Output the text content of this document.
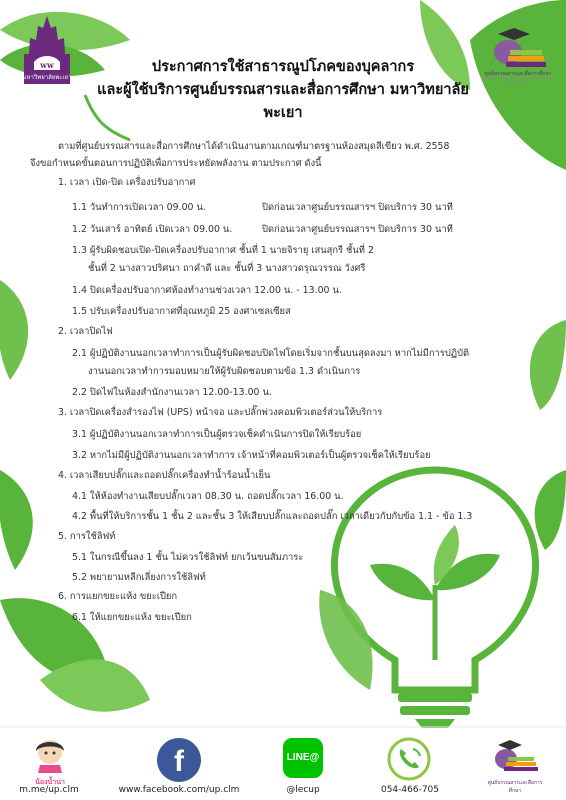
ww
มหาวิทยาลัยพะเยา	ศูนย์บรรณสารและสื่อการศึกษา
LIBRARY RESOURCES AND EDUCATIONAL MEDIA CENTER
ประกาศการใช้สาธารณูปโภคของบุคลากร
และผู้ใช้บริการศูนย์บรรณสารและสื่อการศึกษา มหาวิทยาลัยพะเยา

ตามที่ศูนย์บรรณสารและสื่อการศึกษาได้ดำเนินงานตามเกณฑ์มาตรฐานห้องสมุดสีเขียว พ.ศ. 2558

จึงขอกำหนดขั้นตอนการปฏิบัติเพื่อการประหยัดพลังงาน ตามประกาศ ดังนี้

1. เวลา เปิด-ปิด เครื่องปรับอากาศ
1.1 วันทำการเปิดเวลา 09.00 น.	ปิดก่อนเวลาศูนย์บรรณสารฯ ปิดบริการ 30 นาที
1.2 วันเสาร์ อาทิตย์ เปิดเวลา 09.00 น.	ปิดก่อนเวลาศูนย์บรรณสารฯ ปิดบริการ 30 นาที
1.3 ผู้รับผิดชอบเปิด-ปิดเครื่องปรับอากาศ ชั้นที่ 1 นายจิรายุ เสนสุกรี ชั้นที่ 2
ชั้นที่ 2 นางสาวปริศนา ถาคำดี และ ชั้นที่ 3 นางสาวดรุณวรรณ วังศรี
1.4 ปิดเครื่องปรับอากาศห้องทำงานช่วงเวลา 12.00 น. - 13.00 น.
1.5 ปรับเครื่องปรับอากาศที่อุณหภูมิ 25 องศาเซลเซียส
2. เวลาปิดไฟ
2.1 ผู้ปฏิบัติงานนอกเวลาทำการเป็นผู้รับผิดชอบปิดไฟโดยเริ่มจากชั้นบนสุดลงมา หากไม่มีการปฏิบัติ
งานนอกเวลาทำการมอบหมายให้ผู้รับผิดชอบตามข้อ 1.3 ดำเนินการ
2.2 ปิดไฟในห้องสำนักงานเวลา 12.00-13.00 น.
3. เวลาปิดเครื่องสำรองไฟ (UPS) หน้าจอ และปลั๊กพ่วงคอมพิวเตอร์ส่วนให้บริการ
3.1 ผู้ปฏิบัติงานนอกเวลาทำการเป็นผู้ตรวจเช็คดำเนินการปิดให้เรียบร้อย
3.2 หากไม่มีผู้ปฏิบัติงานนอกเวลาทำการ เจ้าหน้าที่คอมพิวเตอร์เป็นผู้ตรวจเช็คให้เรียบร้อย
4. เวลาเสียบปลั๊กและถอดปลั๊กเครื่องทำน้ำร้อนน้ำเย็น
4.1 ให้ห้องทำงานเสียบปลั๊กเวลา 08.30 น. ถอดปลั๊กเวลา 16.00 น.
4.2 พื้นที่ให้บริการชั้น 1 ชั้น 2 และชั้น 3 ให้เสียบปลั๊กและถอดปลั๊ก เวลาเดียวกับกับข้อ 1.1 - ข้อ 1.3
5. การใช้ลิฟท์
5.1 ในกรณีขึ้นลง 1 ชั้น ไม่ควรใช้ลิฟท์ ยกเว้นขนสัมภาระ
5.2 พยายามหลีกเลี่ยงการใช้ลิฟท์
6. การแยกขยะแห้ง ขยะเปียก
6.1 ให้แยกขยะแห้ง ขยะเปียก
น้องน้ำน่า
m.me/up.clm
f
www.facebook.com/up.clm
LINE@
@lecup	054-466-705
ศูนย์บรรณสารและสื่อการศึกษา
